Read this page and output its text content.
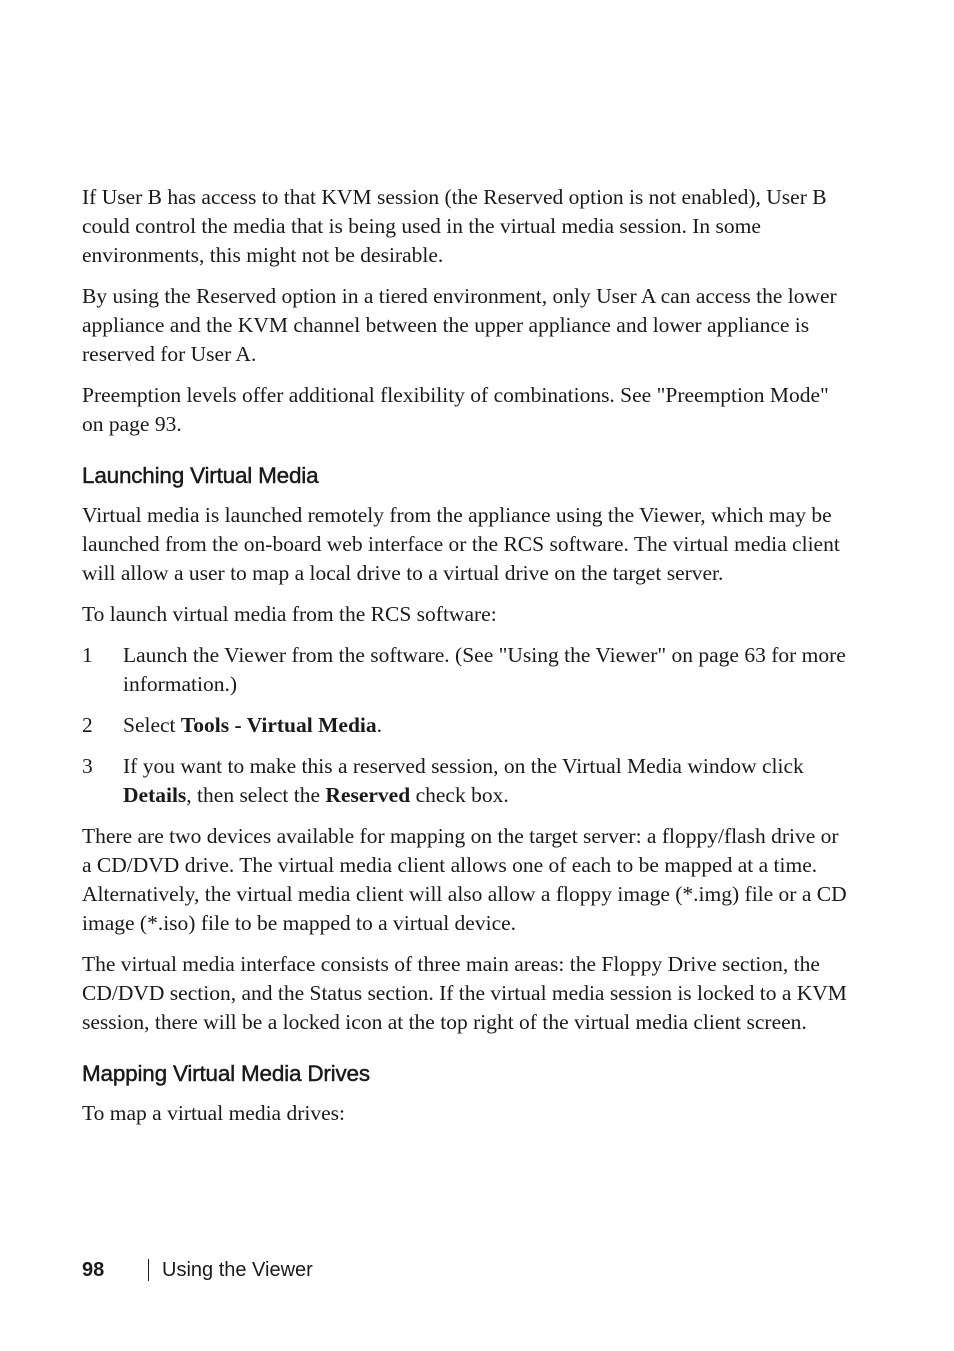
If User B has access to that KVM session (the Reserved option is not enabled), User B could control the media that is being used in the virtual media session. In some environments, this might not be desirable.

By using the Reserved option in a tiered environment, only User A can access the lower appliance and the KVM channel between the upper appliance and lower appliance is reserved for User A.

Preemption levels offer additional flexibility of combinations. See "Preemption Mode" on page 93.

Launching Virtual Media

Virtual media is launched remotely from the appliance using the Viewer, which may be launched from the on-board web interface or the RCS software. The virtual media client will allow a user to map a local drive to a virtual drive on the target server.

To launch virtual media from the RCS software:

1 Launch the Viewer from the software. (See "Using the Viewer" on page 63 for more information.)
2 Select Tools - Virtual Media.
3 If you want to make this a reserved session, on the Virtual Media window click Details, then select the Reserved check box.

There are two devices available for mapping on the target server: a floppy/flash drive or a CD/DVD drive. The virtual media client allows one of each to be mapped at a time. Alternatively, the virtual media client will also allow a floppy image (*.img) file or a CD image (*.iso) file to be mapped to a virtual device.

The virtual media interface consists of three main areas: the Floppy Drive section, the CD/DVD section, and the Status section. If the virtual media session is locked to a KVM session, there will be a locked icon at the top right of the virtual media client screen.

Mapping Virtual Media Drives

To map a virtual media drives:

98	Using the Viewer
